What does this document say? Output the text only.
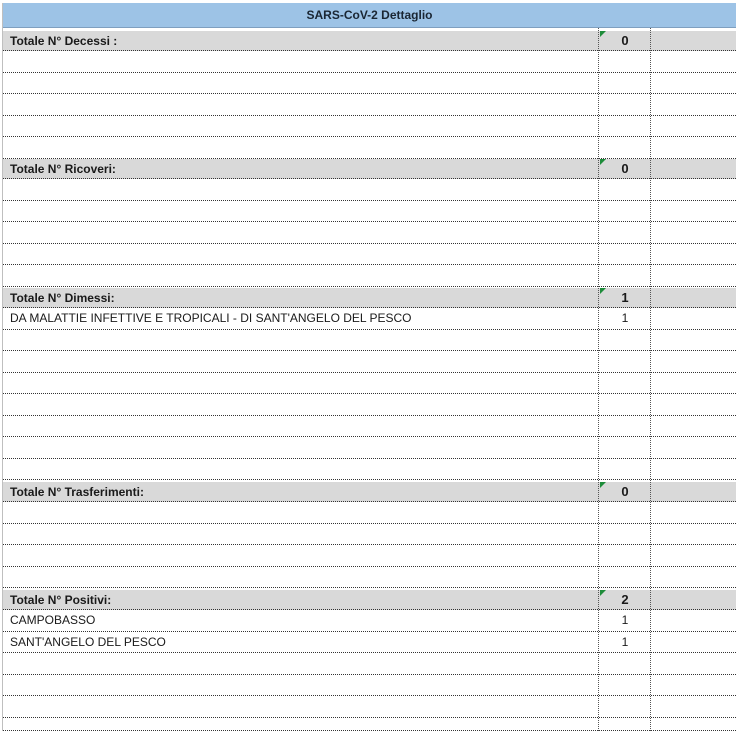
SARS-CoV-2 Dettaglio
Totale N° Decessi :	0
Totale N° Ricoveri:	0
Totale N° Dimessi:	1
DA MALATTIE INFETTIVE E TROPICALI - DI SANT'ANGELO DEL PESCO	1
Totale N° Trasferimenti:	0
Totale N° Positivi:	2
CAMPOBASSO	1
SANT'ANGELO DEL PESCO	1
